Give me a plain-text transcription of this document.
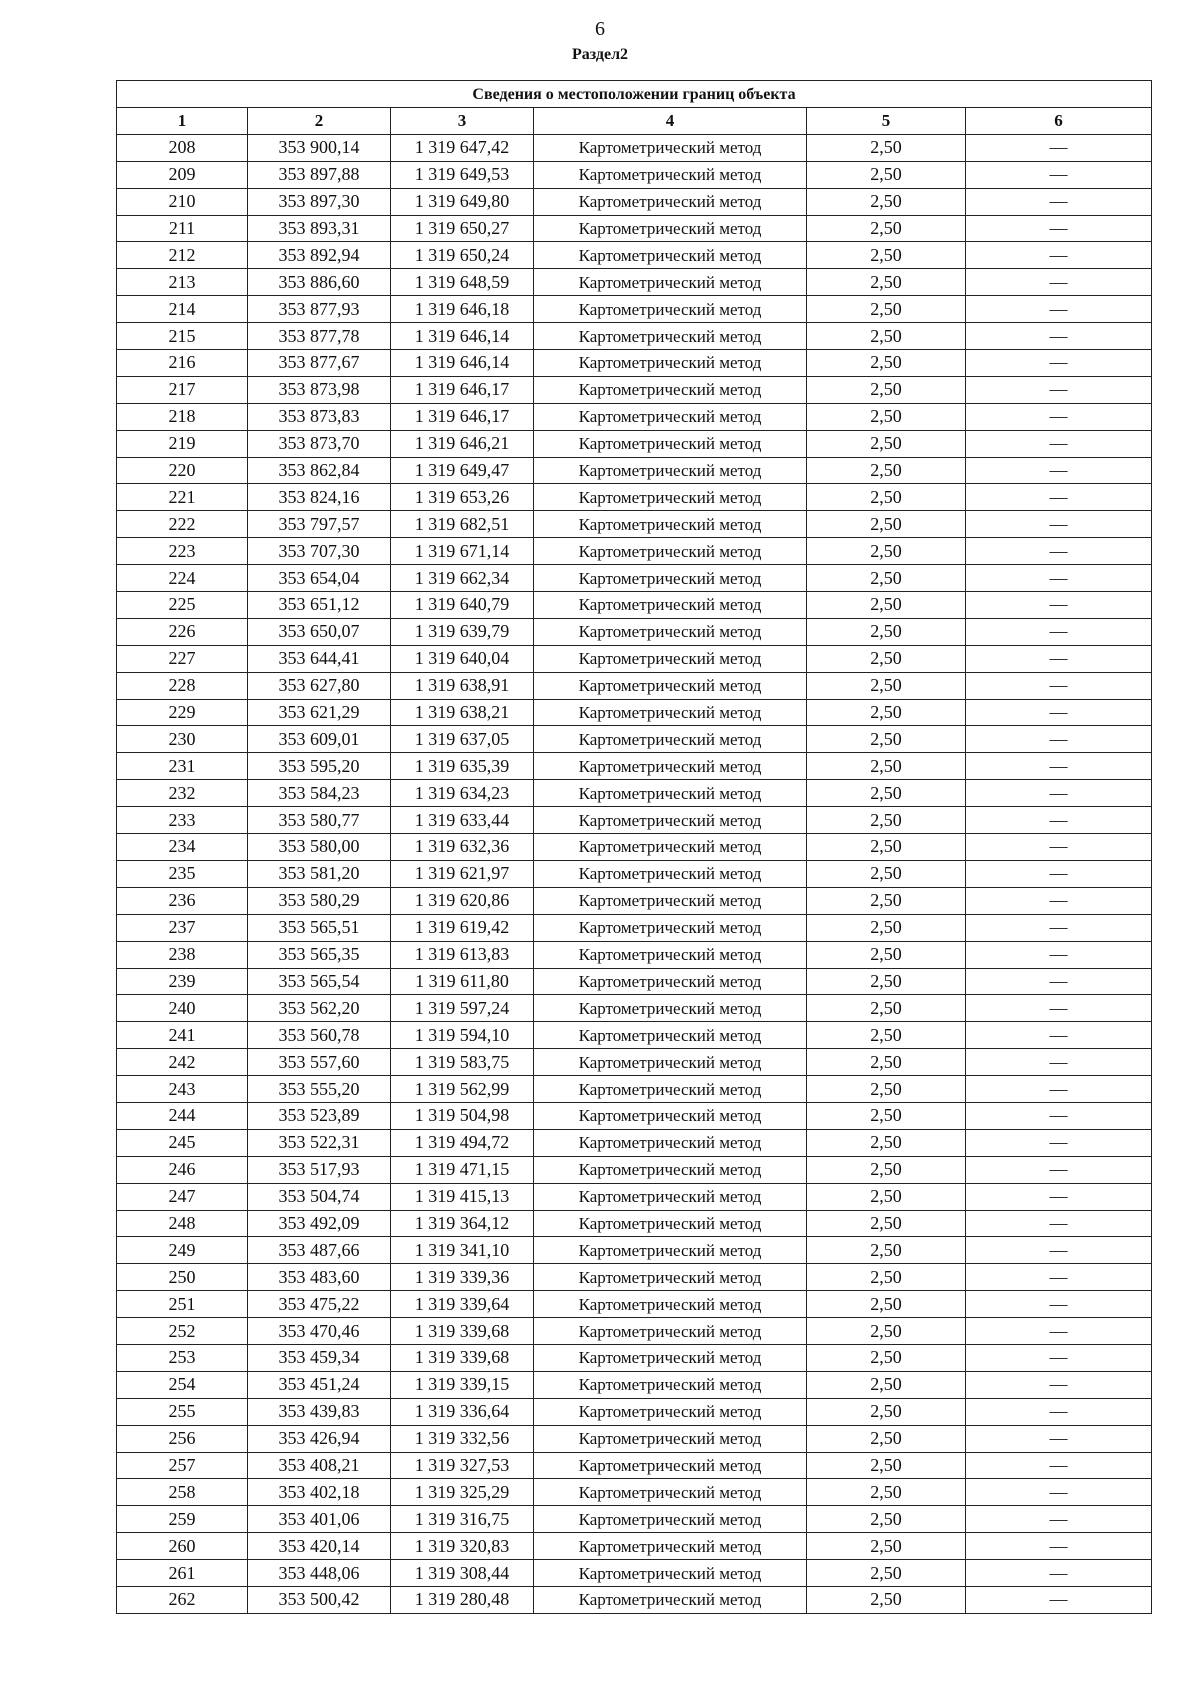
6
Раздел2
Сведения о местоположении границ объекта					
1	2	3	4	5	6
208	353 900,14	1 319 647,42	Картометрический метод	2,50	—
209	353 897,88	1 319 649,53	Картометрический метод	2,50	—
210	353 897,30	1 319 649,80	Картометрический метод	2,50	—
211	353 893,31	1 319 650,27	Картометрический метод	2,50	—
212	353 892,94	1 319 650,24	Картометрический метод	2,50	—
213	353 886,60	1 319 648,59	Картометрический метод	2,50	—
214	353 877,93	1 319 646,18	Картометрический метод	2,50	—
215	353 877,78	1 319 646,14	Картометрический метод	2,50	—
216	353 877,67	1 319 646,14	Картометрический метод	2,50	—
217	353 873,98	1 319 646,17	Картометрический метод	2,50	—
218	353 873,83	1 319 646,17	Картометрический метод	2,50	—
219	353 873,70	1 319 646,21	Картометрический метод	2,50	—
220	353 862,84	1 319 649,47	Картометрический метод	2,50	—
221	353 824,16	1 319 653,26	Картометрический метод	2,50	—
222	353 797,57	1 319 682,51	Картометрический метод	2,50	—
223	353 707,30	1 319 671,14	Картометрический метод	2,50	—
224	353 654,04	1 319 662,34	Картометрический метод	2,50	—
225	353 651,12	1 319 640,79	Картометрический метод	2,50	—
226	353 650,07	1 319 639,79	Картометрический метод	2,50	—
227	353 644,41	1 319 640,04	Картометрический метод	2,50	—
228	353 627,80	1 319 638,91	Картометрический метод	2,50	—
229	353 621,29	1 319 638,21	Картометрический метод	2,50	—
230	353 609,01	1 319 637,05	Картометрический метод	2,50	—
231	353 595,20	1 319 635,39	Картометрический метод	2,50	—
232	353 584,23	1 319 634,23	Картометрический метод	2,50	—
233	353 580,77	1 319 633,44	Картометрический метод	2,50	—
234	353 580,00	1 319 632,36	Картометрический метод	2,50	—
235	353 581,20	1 319 621,97	Картометрический метод	2,50	—
236	353 580,29	1 319 620,86	Картометрический метод	2,50	—
237	353 565,51	1 319 619,42	Картометрический метод	2,50	—
238	353 565,35	1 319 613,83	Картометрический метод	2,50	—
239	353 565,54	1 319 611,80	Картометрический метод	2,50	—
240	353 562,20	1 319 597,24	Картометрический метод	2,50	—
241	353 560,78	1 319 594,10	Картометрический метод	2,50	—
242	353 557,60	1 319 583,75	Картометрический метод	2,50	—
243	353 555,20	1 319 562,99	Картометрический метод	2,50	—
244	353 523,89	1 319 504,98	Картометрический метод	2,50	—
245	353 522,31	1 319 494,72	Картометрический метод	2,50	—
246	353 517,93	1 319 471,15	Картометрический метод	2,50	—
247	353 504,74	1 319 415,13	Картометрический метод	2,50	—
248	353 492,09	1 319 364,12	Картометрический метод	2,50	—
249	353 487,66	1 319 341,10	Картометрический метод	2,50	—
250	353 483,60	1 319 339,36	Картометрический метод	2,50	—
251	353 475,22	1 319 339,64	Картометрический метод	2,50	—
252	353 470,46	1 319 339,68	Картометрический метод	2,50	—
253	353 459,34	1 319 339,68	Картометрический метод	2,50	—
254	353 451,24	1 319 339,15	Картометрический метод	2,50	—
255	353 439,83	1 319 336,64	Картометрический метод	2,50	—
256	353 426,94	1 319 332,56	Картометрический метод	2,50	—
257	353 408,21	1 319 327,53	Картометрический метод	2,50	—
258	353 402,18	1 319 325,29	Картометрический метод	2,50	—
259	353 401,06	1 319 316,75	Картометрический метод	2,50	—
260	353 420,14	1 319 320,83	Картометрический метод	2,50	—
261	353 448,06	1 319 308,44	Картометрический метод	2,50	—
262	353 500,42	1 319 280,48	Картометрический метод	2,50	—
